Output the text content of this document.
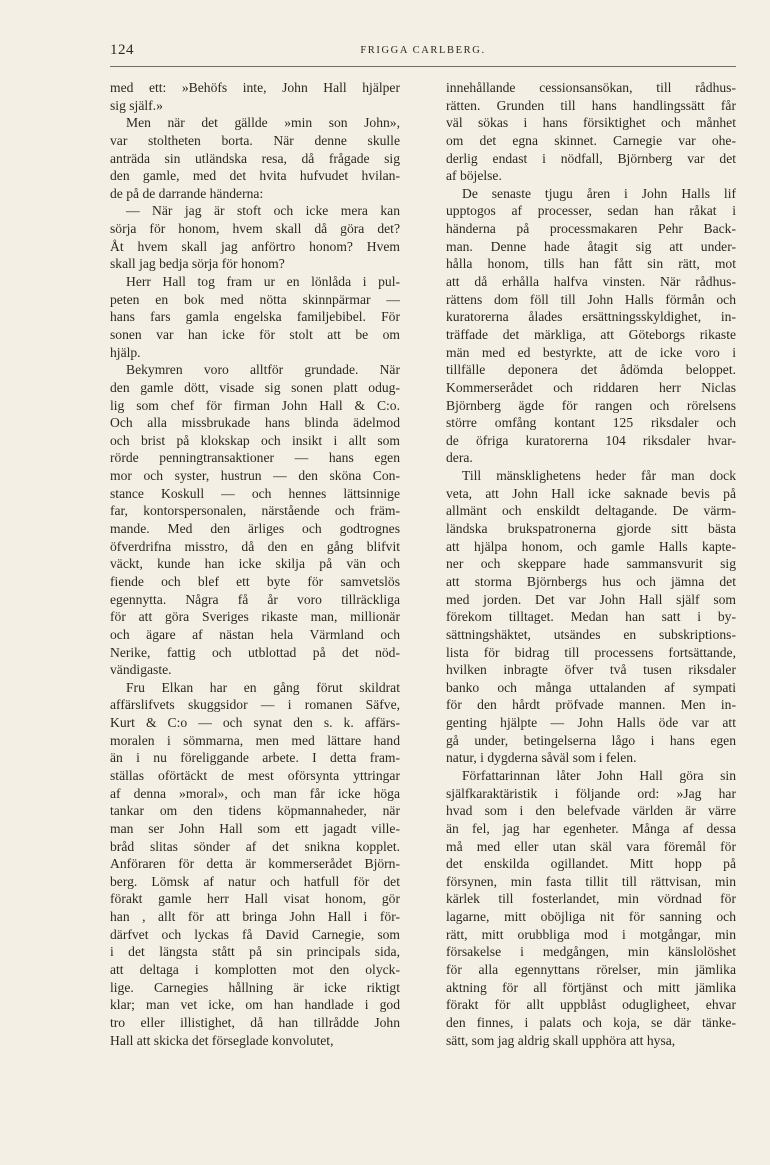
124	FRIGGA CARLBERG.
med ett: »Behöfs inte, John Hall hjälper
sig själf.»
Men när det gällde »min son John»,
var stoltheten borta. När denne skulle
anträda sin utländska resa, då frågade sig
den gamle, med det hvita hufvudet hvilan-
de på de darrande händerna:
— När jag är stoft och icke mera kan
sörja för honom, hvem skall då göra det?
Åt hvem skall jag anförtro honom? Hvem
skall jag bedja sörja för honom?
Herr Hall tog fram ur en lönlåda i pul-
peten en bok med nötta skinnpärmar —
hans fars gamla engelska familjebibel. För
sonen var han icke för stolt att be om
hjälp.
Bekymren voro alltför grundade. När
den gamle dött, visade sig sonen platt odug-
lig som chef för firman John Hall & C:o.
Och alla missbrukade hans blinda ädelmod
och brist på klokskap och insikt i allt som
rörde penningtransaktioner — hans egen
mor och syster, hustrun — den sköna Con-
stance Koskull — och hennes lättsinnige
far, kontorspersonalen, närstående och främ-
mande. Med den ärliges och godtrognes
öfverdrifna misstro, då den en gång blifvit
väckt, kunde han icke skilja på vän och
fiende och blef ett byte för samvetslös
egennytta. Några få år voro tillräckliga
för att göra Sveriges rikaste man, millionär
och ägare af nästan hela Värmland och
Nerike, fattig och utblottad på det nöd-
vändigaste.
Fru Elkan har en gång förut skildrat
affärslifvets skuggsidor — i romanen Säfve,
Kurt & C:o — och synat den s. k. affärs-
moralen i sömmarna, men med lättare hand
än i nu föreliggande arbete. I detta fram-
ställas oförtäckt de mest oförsynta yttringar
af denna »moral», och man får icke höga
tankar om den tidens köpmannaheder, när
man ser John Hall som ett jagadt ville-
bråd slitas sönder af det snikna kopplet.
Anföraren för detta är kommerserådet Björn-
berg. Lömsk af natur och hatfull för det
förakt gamle herr Hall visat honom, gör
han , allt för att bringa John Hall i för-
därfvet och lyckas få David Carnegie, som
i det längsta stått på sin principals sida,
att deltaga i komplotten mot den olyck-
lige. Carnegies hållning är icke riktigt
klar; man vet icke, om han handlade i god
tro eller illistighet, då han tillrådde John
Hall att skicka det förseglade konvolutet,
innehållande cessionsansökan, till rådhus-
rätten. Grunden till hans handlingssätt får
väl sökas i hans försiktighet och månhet
om det egna skinnet. Carnegie var ohe-
derlig endast i nödfall, Björnberg var det
af böjelse.
De senaste tjugu åren i John Halls lif
upptogos af processer, sedan han råkat i
händerna på processmakaren Pehr Back-
man. Denne hade åtagit sig att under-
hålla honom, tills han fått sin rätt, mot
att då erhålla halfva vinsten. När rådhus-
rättens dom föll till John Halls förmån och
kuratorerna ålades ersättningsskyldighet, in-
träffade det märkliga, att Göteborgs rikaste
män med ed bestyrkte, att de icke voro i
tillfälle deponera det ådömda beloppet.
Kommerserådet och riddaren herr Niclas
Björnberg ägde för rangen och rörelsens
större omfång kontant 125 riksdaler och
de öfriga kuratorerna 104 riksdaler hvar-
dera.
Till mänsklighetens heder får man dock
veta, att John Hall icke saknade bevis på
allmänt och enskildt deltagande. De värm-
ländska brukspatronerna gjorde sitt bästa
att hjälpa honom, och gamle Halls kapte-
ner och skeppare hade sammansvurit sig
att storma Björnbergs hus och jämna det
med jorden. Det var John Hall själf som
förekom tilltaget. Medan han satt i by-
sättningshäktet, utsändes en subskriptions-
lista för bidrag till processens fortsättande,
hvilken inbragte öfver två tusen riksdaler
banko och många uttalanden af sympati
för den hårdt pröfvade mannen. Men in-
genting hjälpte — John Halls öde var att
gå under, betingelserna lågo i hans egen
natur, i dygderna såväl som i felen.
Författarinnan låter John Hall göra sin
själfkaraktäristik i följande ord: »Jag har
hvad som i den belefvade världen är värre
än fel, jag har egenheter. Många af dessa
må med eller utan skäl vara föremål för
det enskilda ogillandet. Mitt hopp på
försynen, min fasta tillit till rättvisan, min
kärlek till fosterlandet, min vördnad för
lagarne, mitt oböjliga nit för sanning och
rätt, mitt orubbliga mod i motgångar, min
försakelse i medgången, min känslolöshet
för alla egennyttans rörelser, min jämlika
aktning för all förtjänst och mitt jämlika
förakt för allt uppblåst odugligheet, ehvar
den finnes, i palats och koja, se där tänke-
sätt, som jag aldrig skall upphöra att hysa,
